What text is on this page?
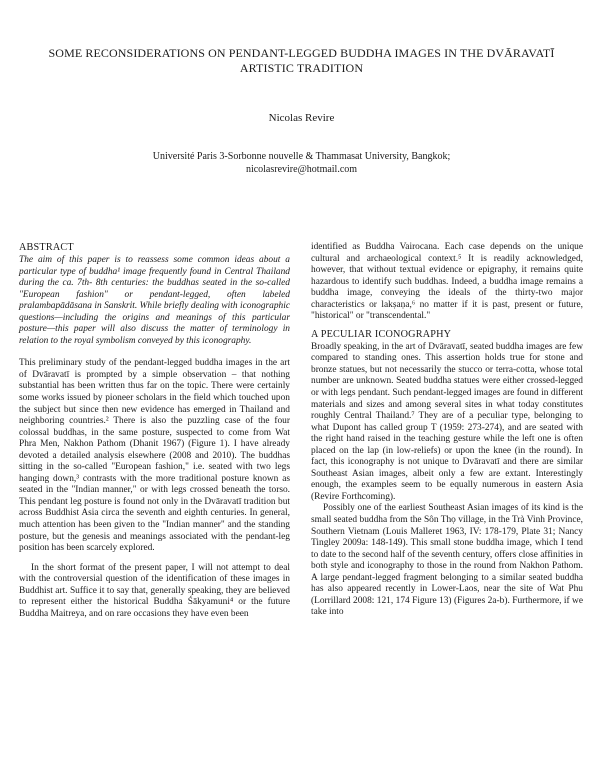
SOME RECONSIDERATIONS ON PENDANT-LEGGED BUDDHA IMAGES IN THE DVĀRAVATĪ ARTISTIC TRADITION
Nicolas Revire
Université Paris 3-Sorbonne nouvelle & Thammasat University, Bangkok;
nicolasrevire@hotmail.com
ABSTRACT

The aim of this paper is to reassess some common ideas about a particular type of buddha¹ image frequently found in Central Thailand during the ca. 7th- 8th centuries: the buddhas seated in the so-called "European fashion" or pendant-legged, often labeled pralambapādāsana in Sanskrit. While briefly dealing with iconographic questions—including the origins and meanings of this particular posture—this paper will also discuss the matter of terminology in relation to the royal symbolism conveyed by this iconography.

This preliminary study of the pendant-legged buddha images in the art of Dvāravatī is prompted by a simple observation – that nothing substantial has been written thus far on the topic. There were certainly some works issued by pioneer scholars in the field which touched upon the subject but since then new evidence has emerged in Thailand and neighboring countries.² There is also the puzzling case of the four colossal buddhas, in the same posture, suspected to come from Wat Phra Men, Nakhon Pathom (Dhanit 1967) (Figure 1). I have already devoted a detailed analysis elsewhere (2008 and 2010). The buddhas sitting in the so-called "European fashion," i.e. seated with two legs hanging down,³ contrasts with the more traditional posture known as seated in the "Indian manner," or with legs crossed beneath the torso. This pendant leg posture is found not only in the Dvāravatī tradition but across Buddhist Asia circa the seventh and eighth centuries. In general, much attention has been given to the "Indian manner" and the standing posture, but the genesis and meanings associated with the pendant-leg position has been scarcely explored.

In the short format of the present paper, I will not attempt to deal with the controversial question of the identification of these images in Buddhist art. Suffice it to say that, generally speaking, they are believed to represent either the historical Buddha Śākyamuni⁴ or the future Buddha Maitreya, and on rare occasions they have even been

identified as Buddha Vairocana. Each case depends on the unique cultural and archaeological context.⁵ It is readily acknowledged, however, that without textual evidence or epigraphy, it remains quite hazardous to identify such buddhas. Indeed, a buddha image remains a buddha image, conveying the ideals of the thirty-two major characteristics or lakṣaṇa,⁶ no matter if it is past, present or future, "historical" or "transcendental."

A PECULIAR ICONOGRAPHY

Broadly speaking, in the art of Dvāravatī, seated buddha images are few compared to standing ones. This assertion holds true for stone and bronze statues, but not necessarily the stucco or terra-cotta, whose total number are unknown. Seated buddha statues were either crossed-legged or with legs pendant. Such pendant-legged images are found in different materials and sizes and among several sites in what today constitutes roughly Central Thailand.⁷ They are of a peculiar type, belonging to what Dupont has called group T (1959: 273-274), and are seated with the right hand raised in the teaching gesture while the left one is often placed on the lap (in low-reliefs) or upon the knee (in the round). In fact, this iconography is not unique to Dvāravatī and there are similar Southeast Asian images, albeit only a few are extant. Interestingly enough, the examples seem to be equally numerous in eastern Asia (Revire Forthcoming).

Possibly one of the earliest Southeast Asian images of its kind is the small seated buddha from the Sôn Thọ village, in the Trà Vinh Province, Southern Vietnam (Louis Malleret 1963, IV: 178-179, Plate 31; Nancy Tingley 2009a: 148-149). This small stone buddha image, which I tend to date to the second half of the seventh century, offers close affinities in both style and iconography to those in the round from Nakhon Pathom. A large pendant-legged fragment belonging to a similar seated buddha has also appeared recently in Lower-Laos, near the site of Wat Phu (Lorrillard 2008: 121, 174 Figure 13) (Figures 2a-b). Furthermore, if we take into
